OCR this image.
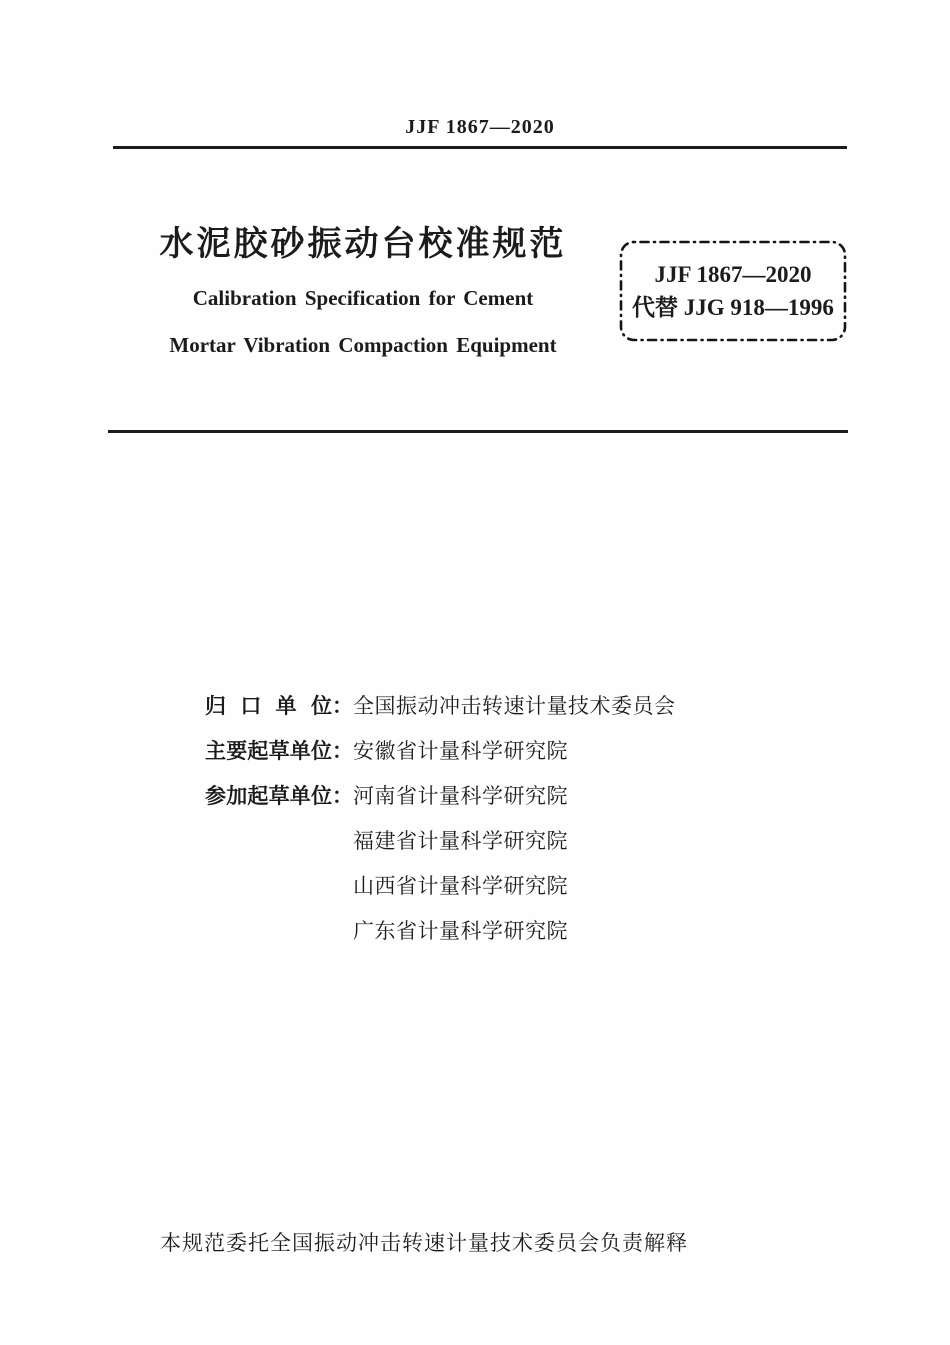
JJF 1867—2020
水泥胶砂振动台校准规范
Calibration Specification for Cement
Mortar Vibration Compaction Equipment
JJF 1867—2020
代替 JJG 918—1996
归口单位：全国振动冲击转速计量技术委员会
主要起草单位：安徽省计量科学研究院
参加起草单位：河南省计量科学研究院
福建省计量科学研究院
山西省计量科学研究院
广东省计量科学研究院
本规范委托全国振动冲击转速计量技术委员会负责解释
